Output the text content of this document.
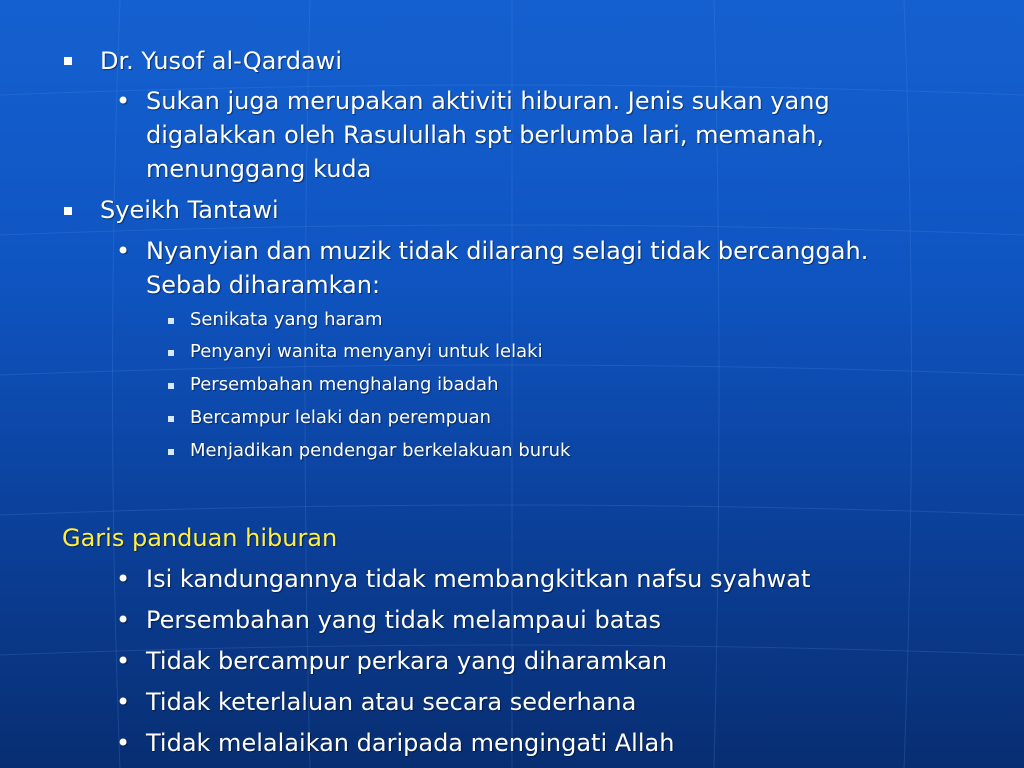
Dr. Yusof al-Qardawi
• Sukan juga merupakan aktiviti hiburan. Jenis sukan yang
digalakkan oleh Rasulullah spt berlumba lari, memanah,
menunggang kuda
Syeikh Tantawi
• Nyanyian dan muzik tidak dilarang selagi tidak bercanggah.
Sebab diharamkan:
Senikata yang haram
Penyanyi wanita menyanyi untuk lelaki
Persembahan menghalang ibadah
Bercampur lelaki dan perempuan
Menjadikan pendengar berkelakuan buruk
Garis panduan hiburan
• Isi kandungannya tidak membangkitkan nafsu syahwat
• Persembahan yang tidak melampaui batas
• Tidak bercampur perkara yang diharamkan
• Tidak keterlaluan atau secara sederhana
• Tidak melalaikan daripada mengingati Allah
